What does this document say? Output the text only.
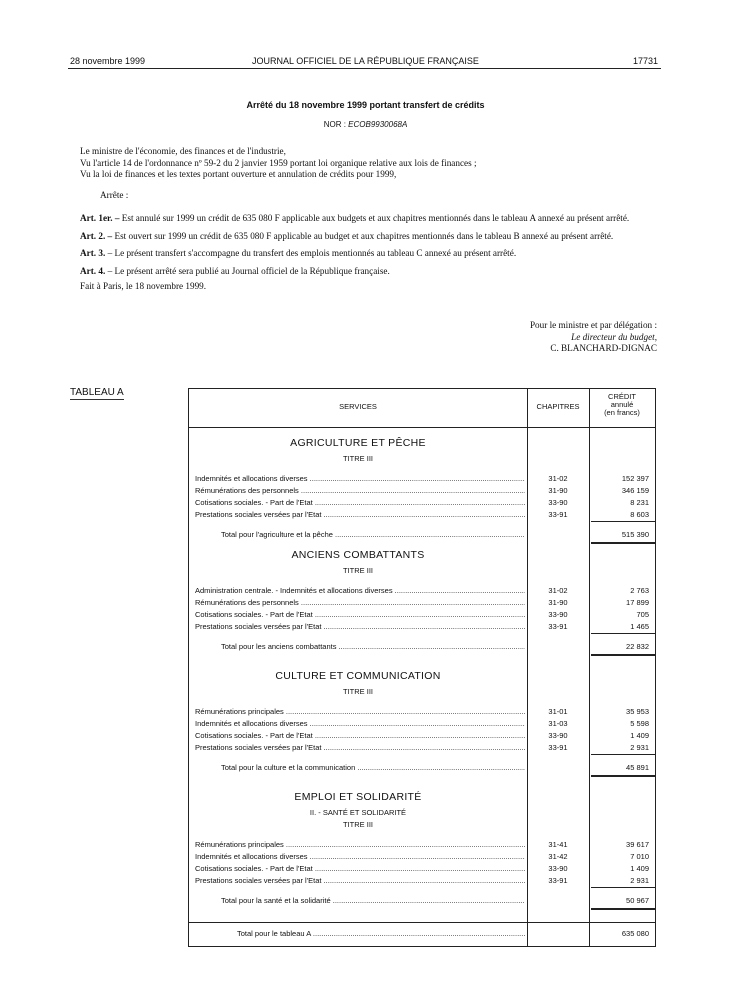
28 novembre 1999	JOURNAL OFFICIEL DE LA RÉPUBLIQUE FRANÇAISE	17731
Arrêté du 18 novembre 1999 portant transfert de crédits
NOR : ECOB9930068A

Le ministre de l'économie, des finances et de l'industrie,

Vu l'article 14 de l'ordonnance nº 59-2 du 2 janvier 1959 portant loi organique relative aux lois de finances ;

Vu la loi de finances et les textes portant ouverture et annulation de crédits pour 1999,

Arrête :

Art. 1er. – Est annulé sur 1999 un crédit de 635 080 F applicable aux budgets et aux chapitres mentionnés dans le tableau A annexé au présent arrêté.

Art. 2. – Est ouvert sur 1999 un crédit de 635 080 F applicable au budget et aux chapitres mentionnés dans le tableau B annexé au présent arrêté.

Art. 3. – Le présent transfert s'accompagne du transfert des emplois mentionnés au tableau C annexé au présent arrêté.

Art. 4. – Le présent arrêté sera publié au Journal officiel de la République française.

Fait à Paris, le 18 novembre 1999.

Pour le ministre et par délégation :
Le directeur du budget,
C. BLANCHARD-DIGNAC
TABLEAU A
SERVICES	CHAPITRES
CRÉDIT
annulé
(en francs)
AGRICULTURE ET PÊCHE
TITRE III
Indemnités et allocations diverses .....	31-02	152 397
Rémunérations des personnels .....	31-90	346 159
Cotisations sociales. - Part de l'Etat .....	33-90	8 231
Prestations sociales versées par l'Etat .....	33-91	8 603
Total pour l'agriculture et la pêche .....	515 390
ANCIENS COMBATTANTS
TITRE III
Administration centrale. - Indemnités et allocations diverses .....	31-02	2 763
Rémunérations des personnels .....	31-90	17 899
Cotisations sociales. - Part de l'Etat .....	33-90	705
Prestations sociales versées par l'Etat .....	33-91	1 465
Total pour les anciens combattants .....	22 832
CULTURE ET COMMUNICATION
TITRE III
Rémunérations principales .....	31-01	35 953
Indemnités et allocations diverses .....	31-03	5 598
Cotisations sociales. - Part de l'Etat .....	33-90	1 409
Prestations sociales versées par l'Etat .....	33-91	2 931
Total pour la culture et la communication .....	45 891
EMPLOI ET SOLIDARITÉ
II. - SANTÉ ET SOLIDARITÉ
TITRE III
Rémunérations principales .....	31-41	39 617
Indemnités et allocations diverses .....	31-42	7 010
Cotisations sociales. - Part de l'Etat .....	33-90	1 409
Prestations sociales versées par l'Etat .....	33-91	2 931
Total pour la santé et la solidarité .....	50 967
Total pour le tableau A .....	635 080
